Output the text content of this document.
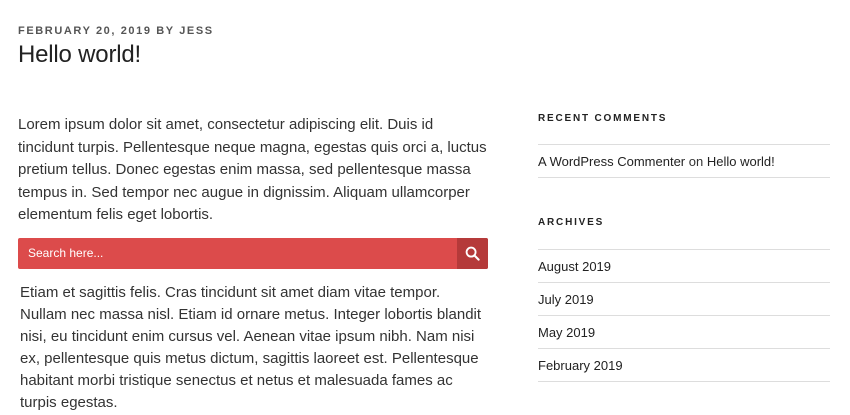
FEBRUARY 20, 2019 BY JESS
Hello world!

Lorem ipsum dolor sit amet, consectetur adipiscing elit. Duis id tincidunt turpis. Pellentesque neque magna, egestas quis orci a, luctus pretium tellus. Donec egestas enim massa, sed pellentesque massa tempus in. Sed tempor nec augue in dignissim. Aliquam ullamcorper elementum felis eget lobortis.

Search here...

Etiam et sagittis felis. Cras tincidunt sit amet diam vitae tempor. Nullam nec massa nisl. Etiam id ornare metus. Integer lobortis blandit nisi, eu tincidunt enim cursus vel. Aenean vitae ipsum nibh. Nam nisi ex, pellentesque quis metus dictum, sagittis laoreet est. Pellentesque habitant morbi tristique senectus et netus et malesuada fames ac turpis egestas.

RECENT COMMENTS
A WordPress Commenter on Hello world!
ARCHIVES
August 2019
July 2019
May 2019
February 2019
